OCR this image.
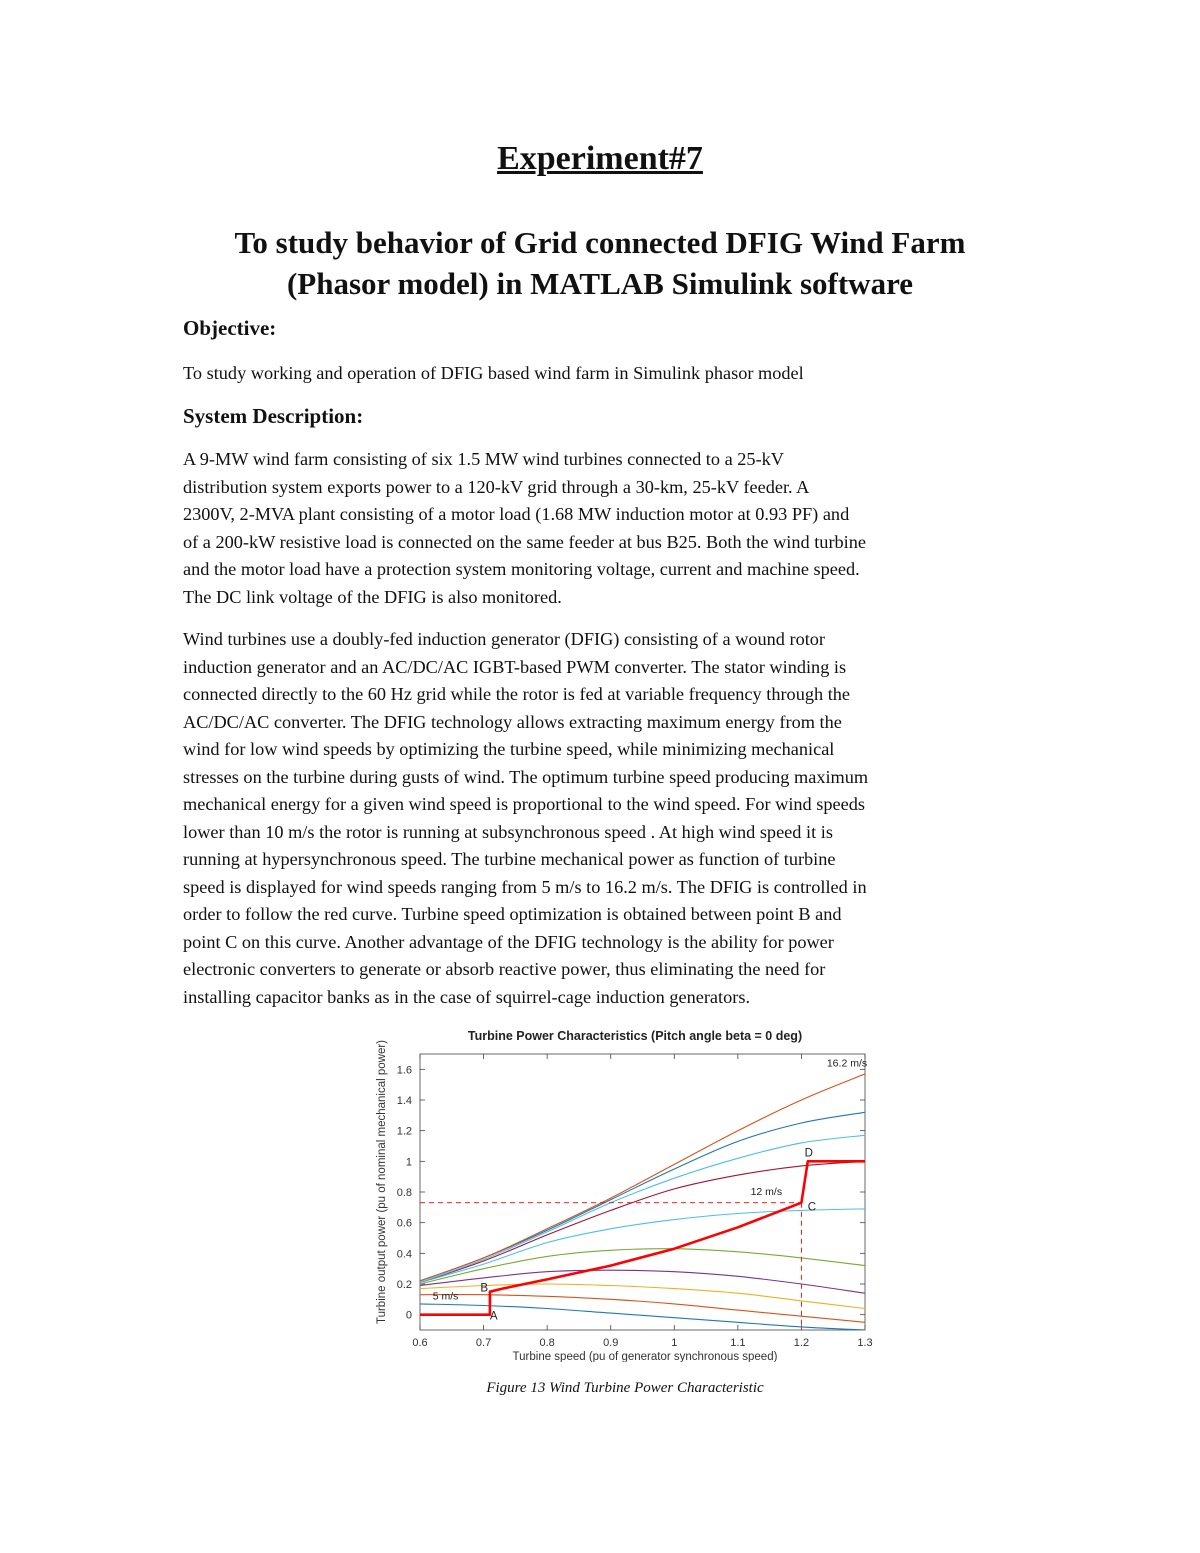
Experiment#7
To study behavior of Grid connected DFIG Wind Farm
(Phasor model) in MATLAB Simulink software
Objective:
To study working and operation of DFIG based wind farm in Simulink phasor model
System Description:
A 9-MW wind farm consisting of six 1.5 MW wind turbines connected to a 25-kV
distribution system exports power to a 120-kV grid through a 30-km, 25-kV feeder. A
2300V, 2-MVA plant consisting of a motor load (1.68 MW induction motor at 0.93 PF) and
of a 200-kW resistive load is connected on the same feeder at bus B25. Both the wind turbine
and the motor load have a protection system monitoring voltage, current and machine speed.
The DC link voltage of the DFIG is also monitored.
Wind turbines use a doubly-fed induction generator (DFIG) consisting of a wound rotor
induction generator and an AC/DC/AC IGBT-based PWM converter. The stator winding is
connected directly to the 60 Hz grid while the rotor is fed at variable frequency through the
AC/DC/AC converter. The DFIG technology allows extracting maximum energy from the
wind for low wind speeds by optimizing the turbine speed, while minimizing mechanical
stresses on the turbine during gusts of wind. The optimum turbine speed producing maximum
mechanical energy for a given wind speed is proportional to the wind speed. For wind speeds
lower than 10 m/s the rotor is running at subsynchronous speed . At high wind speed it is
running at hypersynchronous speed. The turbine mechanical power as function of turbine
speed is displayed for wind speeds ranging from 5 m/s to 16.2 m/s. The DFIG is controlled in
order to follow the red curve. Turbine speed optimization is obtained between point B and
point C on this curve. Another advantage of the DFIG technology is the ability for power
electronic converters to generate or absorb reactive power, thus eliminating the need for
installing capacitor banks as in the case of squirrel-cage induction generators.
Turbine Power Characteristics (Pitch angle beta = 0 deg)
Turbine output power (pu of nominal mechanical power)
Turbine speed (pu of generator synchronous speed)
0.6	0.7	0.8	0.9	1	1.1	1.2	1.3
0
0.2
0.4
0.6
0.8
1
1.2
1.4
1.6
A
B
C
D
5 m/s
12 m/s
16.2 m/s
Figure 13 Wind Turbine Power Characteristic
